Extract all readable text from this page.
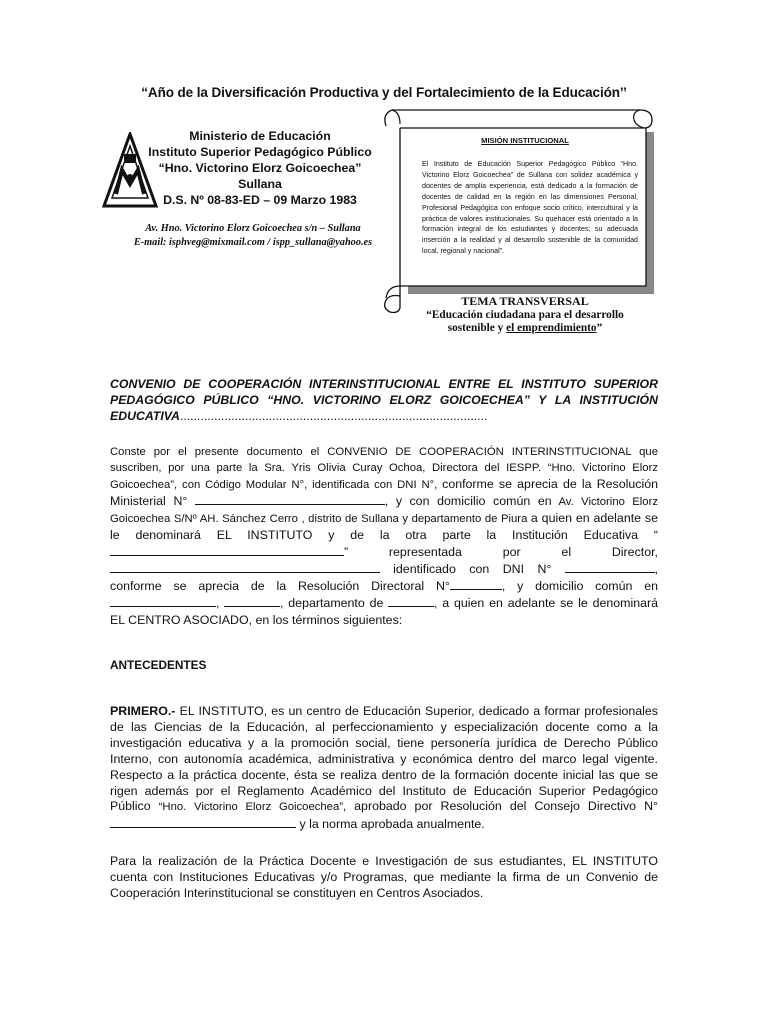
“Año de la Diversificación Productiva y del Fortalecimiento de la Educación’’
Ministerio de Educación
Instituto Superior Pedagógico Público
“Hno. Victorino Elorz Goicoechea”
Sullana
D.S. Nº 08-83-ED – 09 Marzo 1983
Av. Hno. Victorino Elorz Goicoechea s/n – Sullana
E-mail: isphveg@mixmail.com / ispp_sullana@yahoo.es
MISIÓN INSTITUCIONAL
El Instituto de Educación Superior Pedagógico Público “Hno. Victorino Elorz Goicoechea” de Sullana con solidez académica y docentes de amplia experiencia, está dedicado a la formación de docentes de calidad en la región en las dimensiones Personal, Profesional Pedagógica con enfoque socio crítico, intercultural y la práctica de valores institucionales. Su quehacer está orientado a la formación integral de los estudiantes y docentes; su adecuada inserción a la realidad y al desarrollo sostenible de la comunidad local, regional y nacional”.
TEMA TRANSVERSAL
“Educación ciudadana para el desarrollo
sostenible y el emprendimiento”
CONVENIO DE COOPERACIÓN INTERINSTITUCIONAL ENTRE EL INSTITUTO SUPERIOR PEDAGÓGICO PÚBLICO “HNO. VICTORINO ELORZ GOICOECHEA” Y LA INSTITUCIÓN EDUCATIVA..........................................................................................
Conste por el presente documento el CONVENIO DE COOPERACIÓN INTERINSTITUCIONAL que suscriben, por una parte la Sra. Yris Olivia Curay Ochoa, Directora del IESPP. “Hno. Victorino Elorz Goicoechea”, con Código Modular N°, identificada con DNI N°, conforme se aprecia de la Resolución Ministerial N°	, y con domicilio común en Av. Victorino Elorz Goicoechea S/Nº AH. Sánchez Cerro , distrito de Sullana y departamento de Piura a quien en adelante se le denominará EL INSTITUTO y de la otra parte la Institución Educativa “” representada por el Director,  identificado con DNI N°	, conforme se aprecia de la Resolución Directoral N°	, y domicilio común en ,	, departamento de	, a quien en adelante se le denominará EL CENTRO ASOCIADO, en los términos siguientes:
ANTECEDENTES
PRIMERO.- EL INSTITUTO, es un centro de Educación Superior, dedicado a formar profesionales de las Ciencias de la Educación, al perfeccionamiento y especialización docente como a la investigación educativa y a la promoción social, tiene personería jurídica de Derecho Público Interno, con autonomía académica, administrativa y económica dentro del marco legal vigente. Respecto a la práctica docente, ésta se realiza dentro de la formación docente inicial las que se rigen además por el Reglamento Académico del Instituto de Educación Superior Pedagógico Público “Hno. Victorino Elorz Goicoechea”, aprobado por Resolución del Consejo Directivo N°  y la norma aprobada anualmente.
Para la realización de la Práctica Docente e Investigación de sus estudiantes, EL INSTITUTO cuenta con Instituciones Educativas y/o Programas, que mediante la firma de un Convenio de Cooperación Interinstitucional se constituyen en Centros Asociados.
